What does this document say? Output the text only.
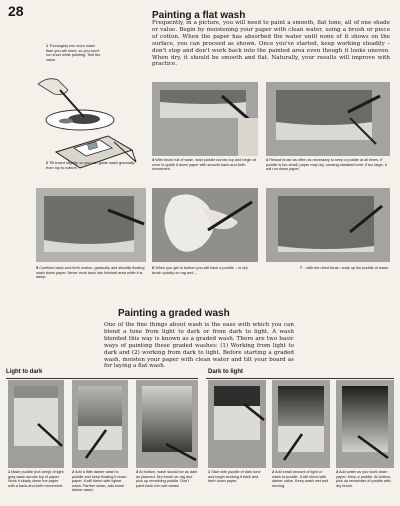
28	Painting a flat wash
Frequently, in a picture, you will need to paint a smooth, flat tone, all of one shade or value. Begin by moistening your paper with clean water, using a brush or piece of cotton. When the paper has absorbed the water until none of it shows on the surface, you can proceed as shown. Once you've started, keep working steadily – don't stop and don't work back into the painted area even though it looks uneven. When dry, it should be smooth and flat. Naturally, your results will improve with practice.
1 Thoroughly mix more wash than you will need, so you won't run short while painting. Test the value.
2 Tilt board slightly, so you can guide wash gradually from top to bottom.
3 With brush full of wash, start puddle across top and begin at once to guide it down paper with smooth back-and-forth movement.
4 Reload brush as often as necessary to keep a puddle at all times. If puddle is too small, paper may dry, causing streaked tone; if too large, it will run down paper.
5 Continue back-and-forth motion, gradually and steadily floating wash down paper. Never work back into finished area while it is damp.
6 When you get to bottom you will have a puddle – to dry brush quickly on rag and –
7 – with the dried brush, soak up the puddle of wash.
Painting a graded wash
One of the fine things about wash is the ease with which you can blend a tone from light to dark or from dark to light. A wash blended this way is known as a graded wash. There are two basic ways of painting these graded washes: (1) Working from light to dark and (2) working from dark to light. Before starting a graded wash, moisten your paper with clean water and tilt your board as for laying a flat wash.
Light to dark
1 Make puddle (not deep) of light gray wash across top of paper. Work it slowly down the paper with a back-and-forth movement.
2 Add a little darker wash to puddle and keep floating it down paper. It will blend with lighter wash. Farther down, add some darker wash.
3 At bottom, wash should be as dark as planned. Dry brush on rag and pick up remaining puddle. Don't paint back into wet areas!
Dark to light
1 Start with puddle of dark tone and begin working it back and forth down paper.
2 Add small amount of light or wash to puddle. It will blend with darker value. Keep wash wet and moving.
3 Add water as you work down paper. Keep a puddle. At bottom, pick up remainder of puddle with dry brush.
